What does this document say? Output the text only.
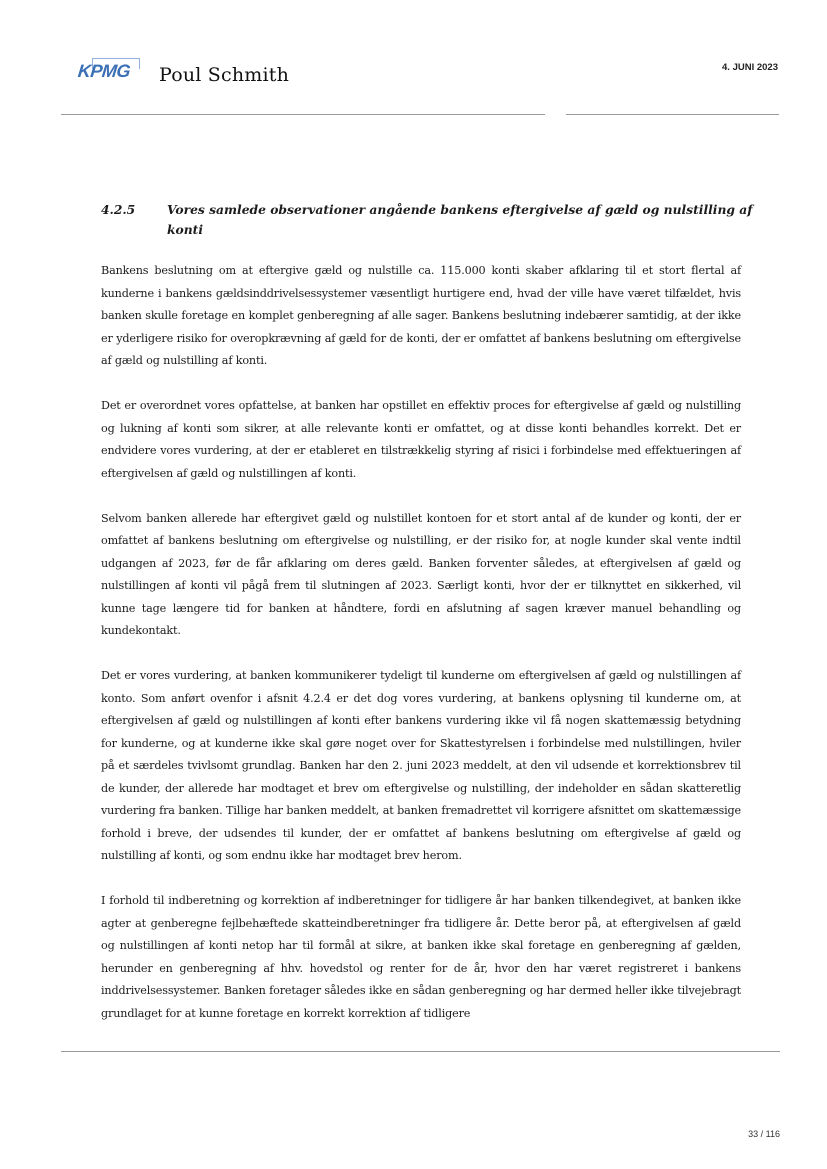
KPMG Poul Schmith	4. JUNI 2023
4.2.5	Vores samlede observationer angående bankens eftergivelse af gæld og nulstilling af konti

Bankens beslutning om at eftergive gæld og nulstille ca. 115.000 konti skaber afklaring til et stort flertal af kunderne i bankens gældsinddrivelsessystemer væsentligt hurtigere end, hvad der ville have været tilfældet, hvis banken skulle foretage en komplet genberegning af alle sager. Bankens beslutning indebærer samtidig, at der ikke er yderligere risiko for overopkrævning af gæld for de konti, der er omfattet af bankens beslutning om eftergivelse af gæld og nulstilling af konti.

Det er overordnet vores opfattelse, at banken har opstillet en effektiv proces for eftergivelse af gæld og nulstilling og lukning af konti som sikrer, at alle relevante konti er omfattet, og at disse konti behandles korrekt. Det er endvidere vores vurdering, at der er etableret en tilstrækkelig styring af risici i forbindelse med effektueringen af eftergivelsen af gæld og nulstillingen af konti.

Selvom banken allerede har eftergivet gæld og nulstillet kontoen for et stort antal af de kunder og konti, der er omfattet af bankens beslutning om eftergivelse og nulstilling, er der risiko for, at nogle kunder skal vente indtil udgangen af 2023, før de får afklaring om deres gæld. Banken forventer således, at eftergivelsen af gæld og nulstillingen af konti vil pågå frem til slutningen af 2023. Særligt konti, hvor der er tilknyttet en sikkerhed, vil kunne tage længere tid for banken at håndtere, fordi en afslutning af sagen kræver manuel behandling og kundekontakt.

Det er vores vurdering, at banken kommunikerer tydeligt til kunderne om eftergivelsen af gæld og nulstillingen af konto. Som anført ovenfor i afsnit 4.2.4 er det dog vores vurdering, at bankens oplysning til kunderne om, at eftergivelsen af gæld og nulstillingen af konti efter bankens vurdering ikke vil få nogen skattemæssig betydning for kunderne, og at kunderne ikke skal gøre noget over for Skattestyrelsen i forbindelse med nulstillingen, hviler på et særdeles tvivlsomt grundlag. Banken har den 2. juni 2023 meddelt, at den vil udsende et korrektionsbrev til de kunder, der allerede har modtaget et brev om eftergivelse og nulstilling, der indeholder en sådan skatteretlig vurdering fra banken. Tillige har banken meddelt, at banken fremadrettet vil korrigere afsnittet om skattemæssige forhold i breve, der udsendes til kunder, der er omfattet af bankens beslutning om eftergivelse af gæld og nulstilling af konti, og som endnu ikke har modtaget brev herom.

I forhold til indberetning og korrektion af indberetninger for tidligere år har banken tilkendegivet, at banken ikke agter at genberegne fejlbehæftede skatteindberetninger fra tidligere år. Dette beror på, at eftergivelsen af gæld og nulstillingen af konti netop har til formål at sikre, at banken ikke skal foretage en genberegning af gælden, herunder en genberegning af hhv. hovedstol og renter for de år, hvor den har været registreret i bankens inddrivelsessystemer. Banken foretager således ikke en sådan genberegning og har dermed heller ikke tilvejebragt grundlaget for at kunne foretage en korrekt korrektion af tidligere

33 / 116
